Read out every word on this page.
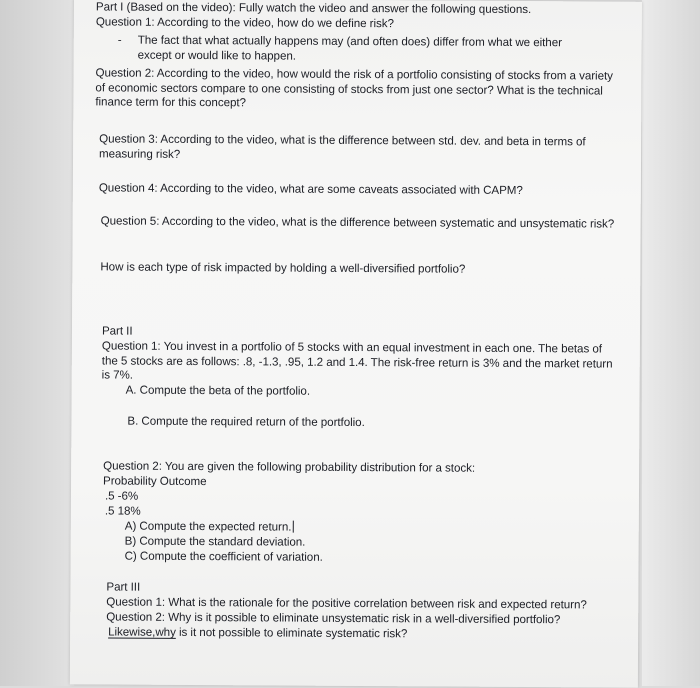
Part I (Based on the video): Fully watch the video and answer the following questions.
Question 1: According to the video, how do we define risk?
- The fact that what actually happens may (and often does) differ from what we either
except or would like to happen.
Question 2: According to the video, how would the risk of a portfolio consisting of stocks from a variety of economic sectors compare to one consisting of stocks from just one sector? What is the technical finance term for this concept?
Question 3: According to the video, what is the difference between std. dev. and beta in terms of measuring risk?
Question 4: According to the video, what are some caveats associated with CAPM?
Question 5: According to the video, what is the difference between systematic and unsystematic risk?
How is each type of risk impacted by holding a well-diversified portfolio?
Part II
Question 1: You invest in a portfolio of 5 stocks with an equal investment in each one. The betas of the 5 stocks are as follows: .8, -1.3, .95, 1.2 and 1.4. The risk-free return is 3% and the market return is 7%.
A. Compute the beta of the portfolio.
B. Compute the required return of the portfolio.
Question 2: You are given the following probability distribution for a stock:
Probability Outcome
.5 -6%
.5 18%
A) Compute the expected return.
B) Compute the standard deviation.
C) Compute the coefficient of variation.
Part III
Question 1: What is the rationale for the positive correlation between risk and expected return?
Question 2: Why is it possible to eliminate unsystematic risk in a well-diversified portfolio?
Likewise,why is it not possible to eliminate systematic risk?
